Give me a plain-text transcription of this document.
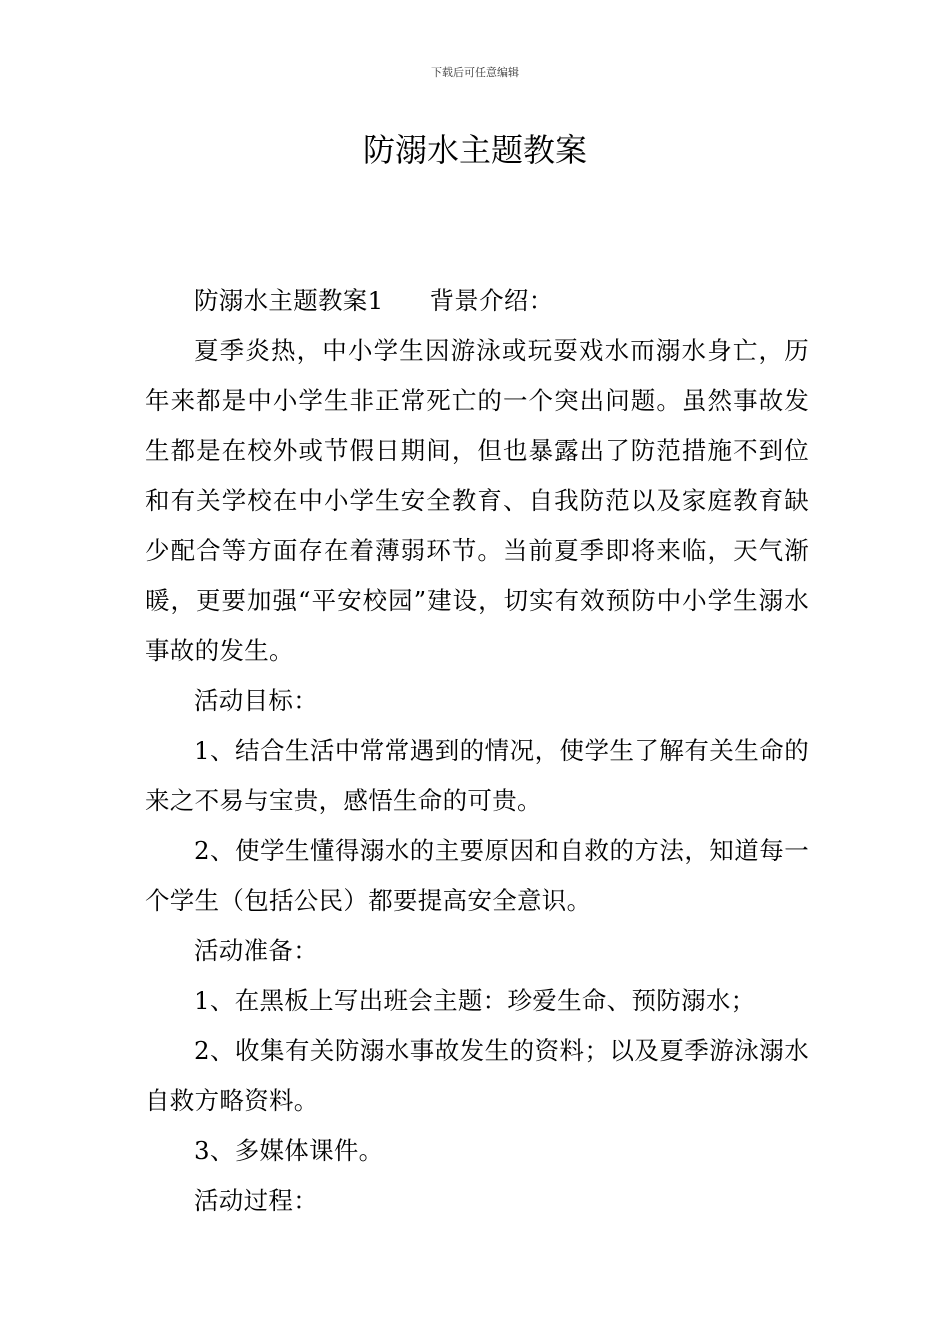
下载后可任意编辑
防溺水主题教案

防溺水主题教案1 背景介绍：

夏季炎热，中小学生因游泳或玩耍戏水而溺水身亡，历年来都是中小学生非正常死亡的一个突出问题。虽然事故发生都是在校外或节假日期间，但也暴露出了防范措施不到位和有关学校在中小学生安全教育、自我防范以及家庭教育缺少配合等方面存在着薄弱环节。当前夏季即将来临，天气渐暖，更要加强“平安校园”建设，切实有效预防中小学生溺水事故的发生。

活动目标：

1、结合生活中常常遇到的情况，使学生了解有关生命的来之不易与宝贵，感悟生命的可贵。

2、使学生懂得溺水的主要原因和自救的方法，知道每一个学生（包括公民）都要提高安全意识。

活动准备：

1、在黑板上写出班会主题：珍爱生命、预防溺水；

2、收集有关防溺水事故发生的资料；以及夏季游泳溺水自救方略资料。

3、多媒体课件。

活动过程：
